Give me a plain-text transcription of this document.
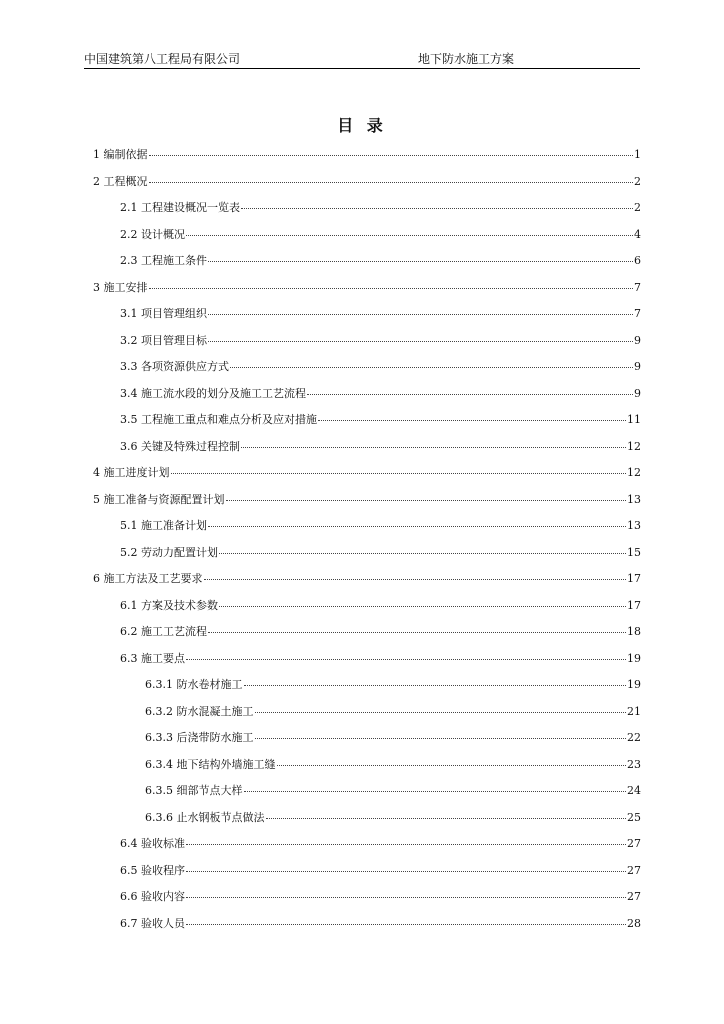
中国建筑第八工程局有限公司	地下防水施工方案
目 录
1 编制依据	1
2 工程概况	2
2.1 工程建设概况一览表	2
2.2 设计概况	4
2.3 工程施工条件	6
3 施工安排	7
3.1 项目管理组织	7
3.2 项目管理目标	9
3.3 各项资源供应方式	9
3.4 施工流水段的划分及施工工艺流程	9
3.5 工程施工重点和难点分析及应对措施	11
3.6 关键及特殊过程控制	12
4 施工进度计划	12
5 施工准备与资源配置计划	13
5.1 施工准备计划	13
5.2 劳动力配置计划	15
6 施工方法及工艺要求	17
6.1 方案及技术参数	17
6.2 施工工艺流程	18
6.3 施工要点	19
6.3.1 防水卷材施工	19
6.3.2 防水混凝土施工	21
6.3.3 后浇带防水施工	22
6.3.4 地下结构外墙施工缝	23
6.3.5 细部节点大样	24
6.3.6 止水钢板节点做法	25
6.4 验收标准	27
6.5 验收程序	27
6.6 验收内容	27
6.7 验收人员	28
